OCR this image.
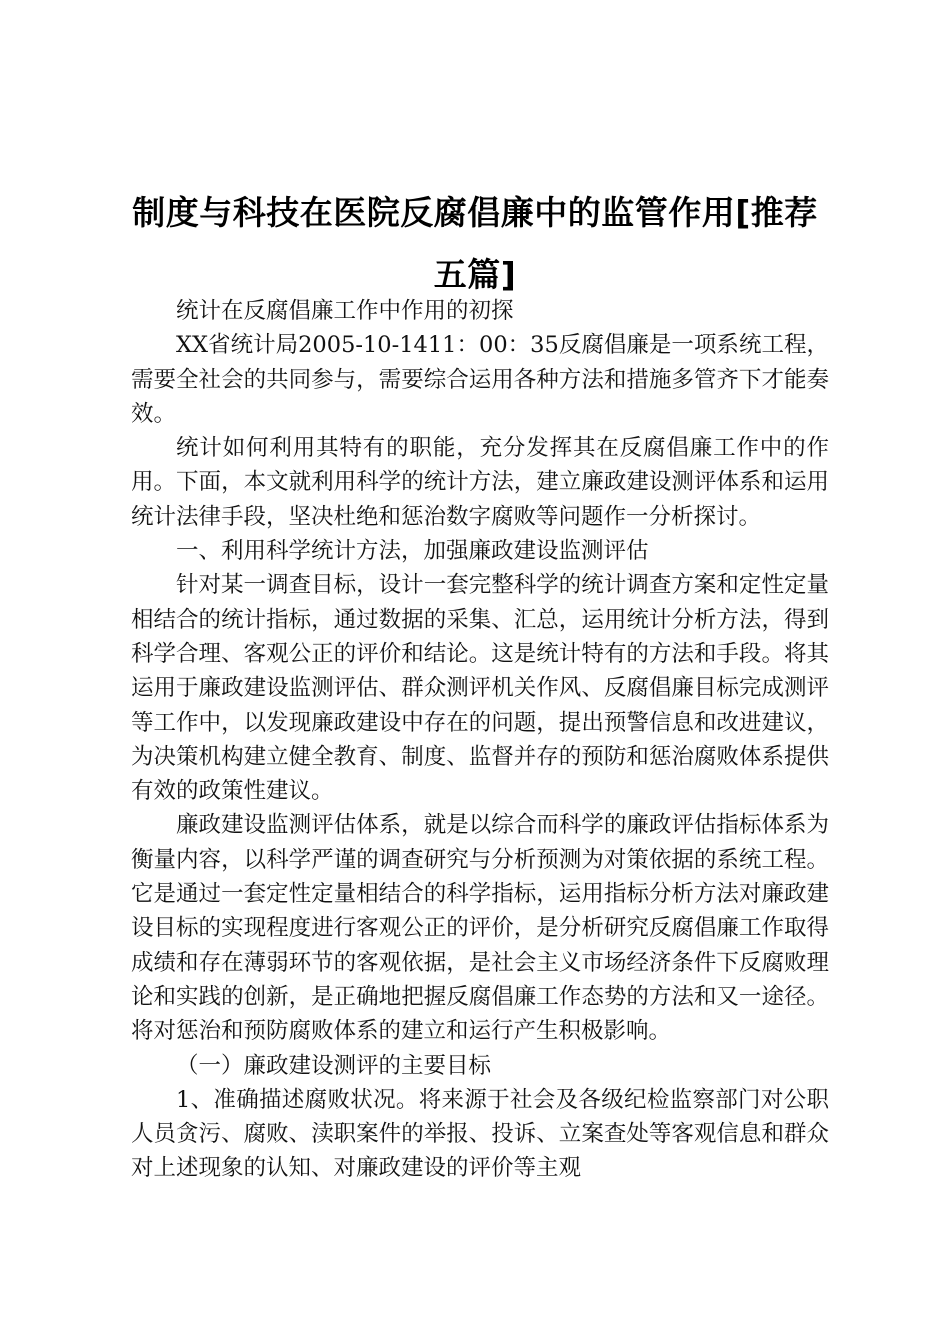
制度与科技在医院反腐倡廉中的监管作用[推荐五篇]

统计在反腐倡廉工作中作用的初探

XX省统计局2005-10-1411：00：35反腐倡廉是一项系统工程，需要全社会的共同参与，需要综合运用各种方法和措施多管齐下才能奏效。

统计如何利用其特有的职能，充分发挥其在反腐倡廉工作中的作用。下面，本文就利用科学的统计方法，建立廉政建设测评体系和运用统计法律手段，坚决杜绝和惩治数字腐败等问题作一分析探讨。

一、利用科学统计方法，加强廉政建设监测评估

针对某一调查目标，设计一套完整科学的统计调查方案和定性定量相结合的统计指标，通过数据的采集、汇总，运用统计分析方法，得到科学合理、客观公正的评价和结论。这是统计特有的方法和手段。将其运用于廉政建设监测评估、群众测评机关作风、反腐倡廉目标完成测评等工作中，以发现廉政建设中存在的问题，提出预警信息和改进建议，为决策机构建立健全教育、制度、监督并存的预防和惩治腐败体系提供有效的政策性建议。

廉政建设监测评估体系，就是以综合而科学的廉政评估指标体系为衡量内容，以科学严谨的调查研究与分析预测为对策依据的系统工程。它是通过一套定性定量相结合的科学指标，运用指标分析方法对廉政建设目标的实现程度进行客观公正的评价，是分析研究反腐倡廉工作取得成绩和存在薄弱环节的客观依据，是社会主义市场经济条件下反腐败理论和实践的创新，是正确地把握反腐倡廉工作态势的方法和又一途径。将对惩治和预防腐败体系的建立和运行产生积极影响。

（一）廉政建设测评的主要目标

1、准确描述腐败状况。将来源于社会及各级纪检监察部门对公职人员贪污、腐败、渎职案件的举报、投诉、立案查处等客观信息和群众对上述现象的认知、对廉政建设的评价等主观
